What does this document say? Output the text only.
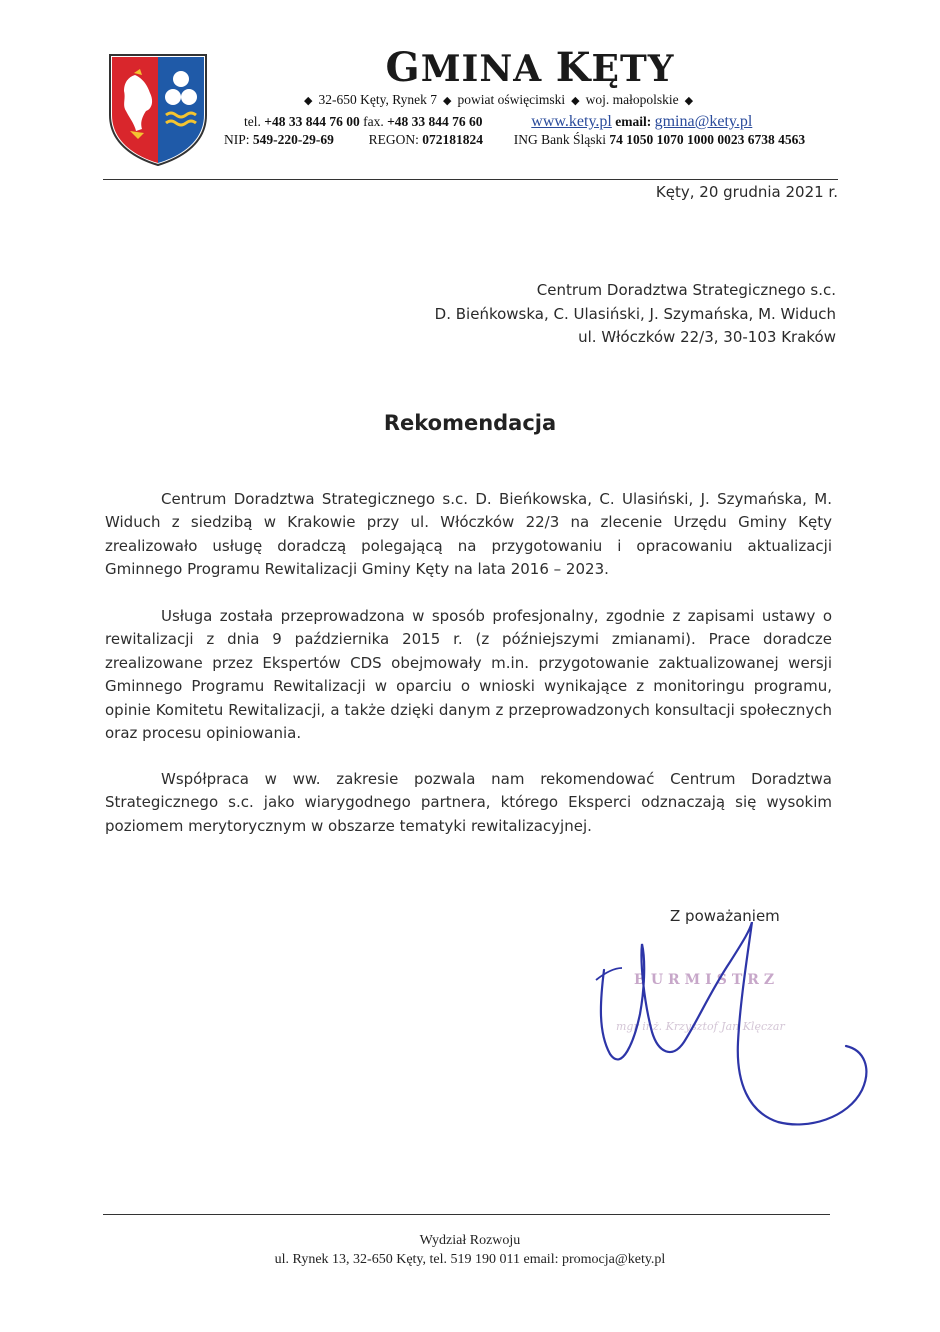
GMINA KĘTY
◆ 32-650 Kęty, Rynek 7 ◆ powiat oświęcimski ◆ woj. małopolskie ◆
tel. +48 33 844 76 00 fax. +48 33 844 76 60	www.kety.pl email: gmina@kety.pl
NIP: 549-220-29-69	REGON: 072181824 ING Bank Śląski 74 1050 1070 1000 0023 6738 4563
Kęty, 20 grudnia 2021 r.
Centrum Doradztwa Strategicznego s.c.
D. Bieńkowska, C. Ulasiński, J. Szymańska, M. Widuch
ul. Włóczków 22/3, 30-103 Kraków
Rekomendacja
Centrum Doradztwa Strategicznego s.c. D. Bieńkowska, C. Ulasiński, J. Szymańska, M. Widuch z siedzibą w Krakowie przy ul. Włóczków 22/3 na zlecenie Urzędu Gminy Kęty zrealizowało usługę doradczą polegającą na przygotowaniu i opracowaniu aktualizacji Gminnego Programu Rewitalizacji Gminy Kęty na lata 2016 – 2023.
Usługa została przeprowadzona w sposób profesjonalny, zgodnie z zapisami ustawy o rewitalizacji z dnia 9 października 2015 r. (z późniejszymi zmianami). Prace doradcze zrealizowane przez Ekspertów CDS obejmowały m.in. przygotowanie zaktualizowanej wersji Gminnego Programu Rewitalizacji w oparciu o wnioski wynikające z monitoringu programu, opinie Komitetu Rewitalizacji, a także dzięki danym z przeprowadzonych konsultacji społecznych oraz procesu opiniowania.
Współpraca w ww. zakresie pozwala nam rekomendować Centrum Doradztwa Strategicznego s.c. jako wiarygodnego partnera, którego Eksperci odznaczają się wysokim poziomem merytorycznym w obszarze tematyki rewitalizacyjnej.
Z poważaniem
BURMISTRZ
mgr inż. Krzysztof Jan Klęczar
Wydział Rozwoju
ul. Rynek 13, 32-650 Kęty, tel. 519 190 011 email: promocja@kety.pl
